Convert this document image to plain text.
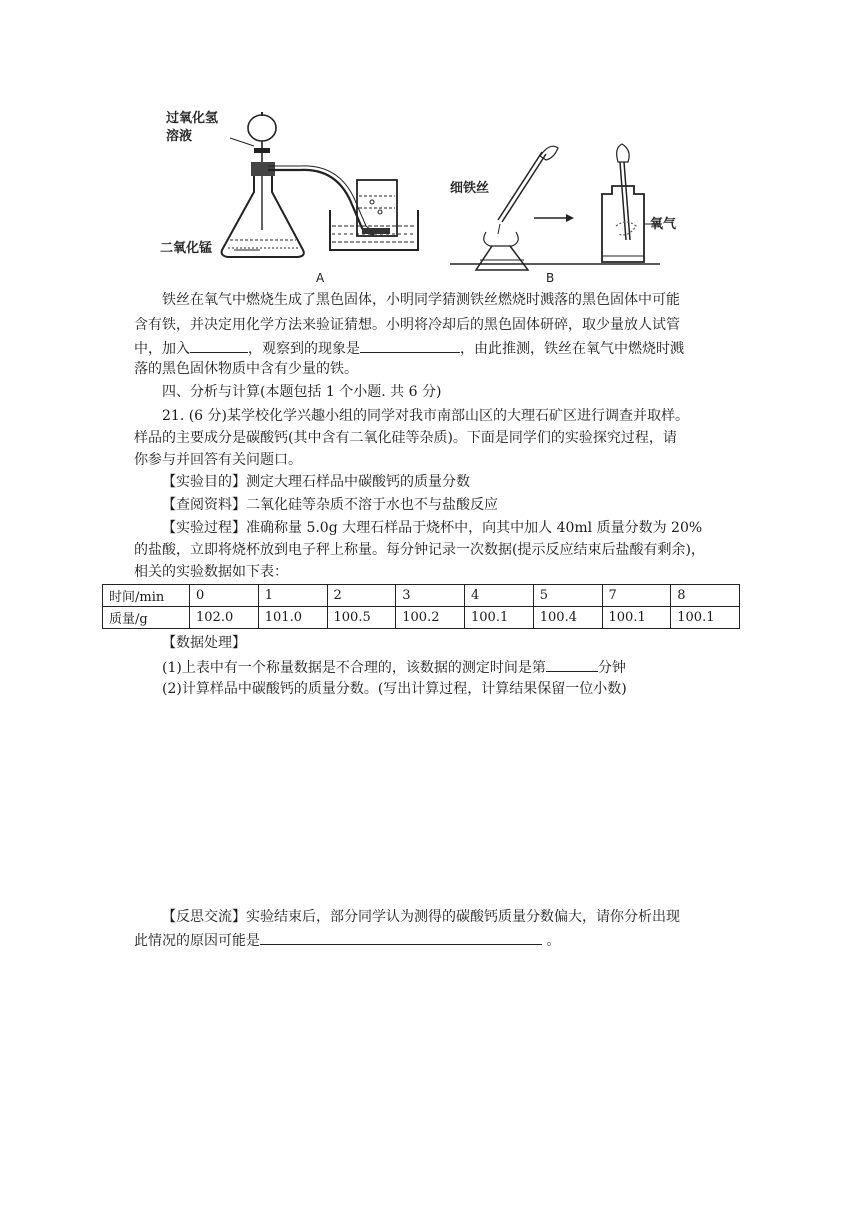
过氧化氢
溶液
二氧化锰
A
细铁丝
氧气
B
铁丝在氧气中燃烧生成了黑色固体，小明同学猜测铁丝燃烧时溅落的黑色固体中可能
含有铁，并决定用化学方法来验证猜想。小明将冷却后的黑色固体研碎，取少量放人试管
中，加入	，观察到的现象是	，由此推测，铁丝在氧气中燃烧时溅
落的黑色固休物质中含有少量的铁。
四、分析与计算(本题包括 1 个小题. 共 6 分)
21. (6 分)某学校化学兴趣小组的同学对我市南部山区的大理石矿区进行调查并取样。
样品的主要成分是碳酸钙(其中含有二氧化硅等杂质)。下面是同学们的实验探究过程，请
你参与并回答有关问题口。
【实验目的】测定大理石样品中碳酸钙的质量分数
【查阅资料】二氧化硅等杂质不溶于水也不与盐酸反应
【实验过程】准确称量 5.0g 大理石样品于烧杯中，向其中加人 40ml 质量分数为 20%
的盐酸，立即将烧杯放到电子秤上称量。每分钟记录一次数据(提示反应结束后盐酸有剩余)，
相关的实验数据如下表：
时间/min	0	1	2	3	4	5	7	8
质量/g	102.0	101.0	100.5	100.2	100.1	100.4	100.1	100.1
【数据处理】
(1)上表中有一个称量数据是不合理的，该数据的测定时间是第	分钟
(2)计算样品中碳酸钙的质量分数。(写出计算过程，计算结果保留一位小数)
【反思交流】实验结束后，部分同学认为测得的碳酸钙质量分数偏大，请你分析出现
此情况的原因可能是	。
